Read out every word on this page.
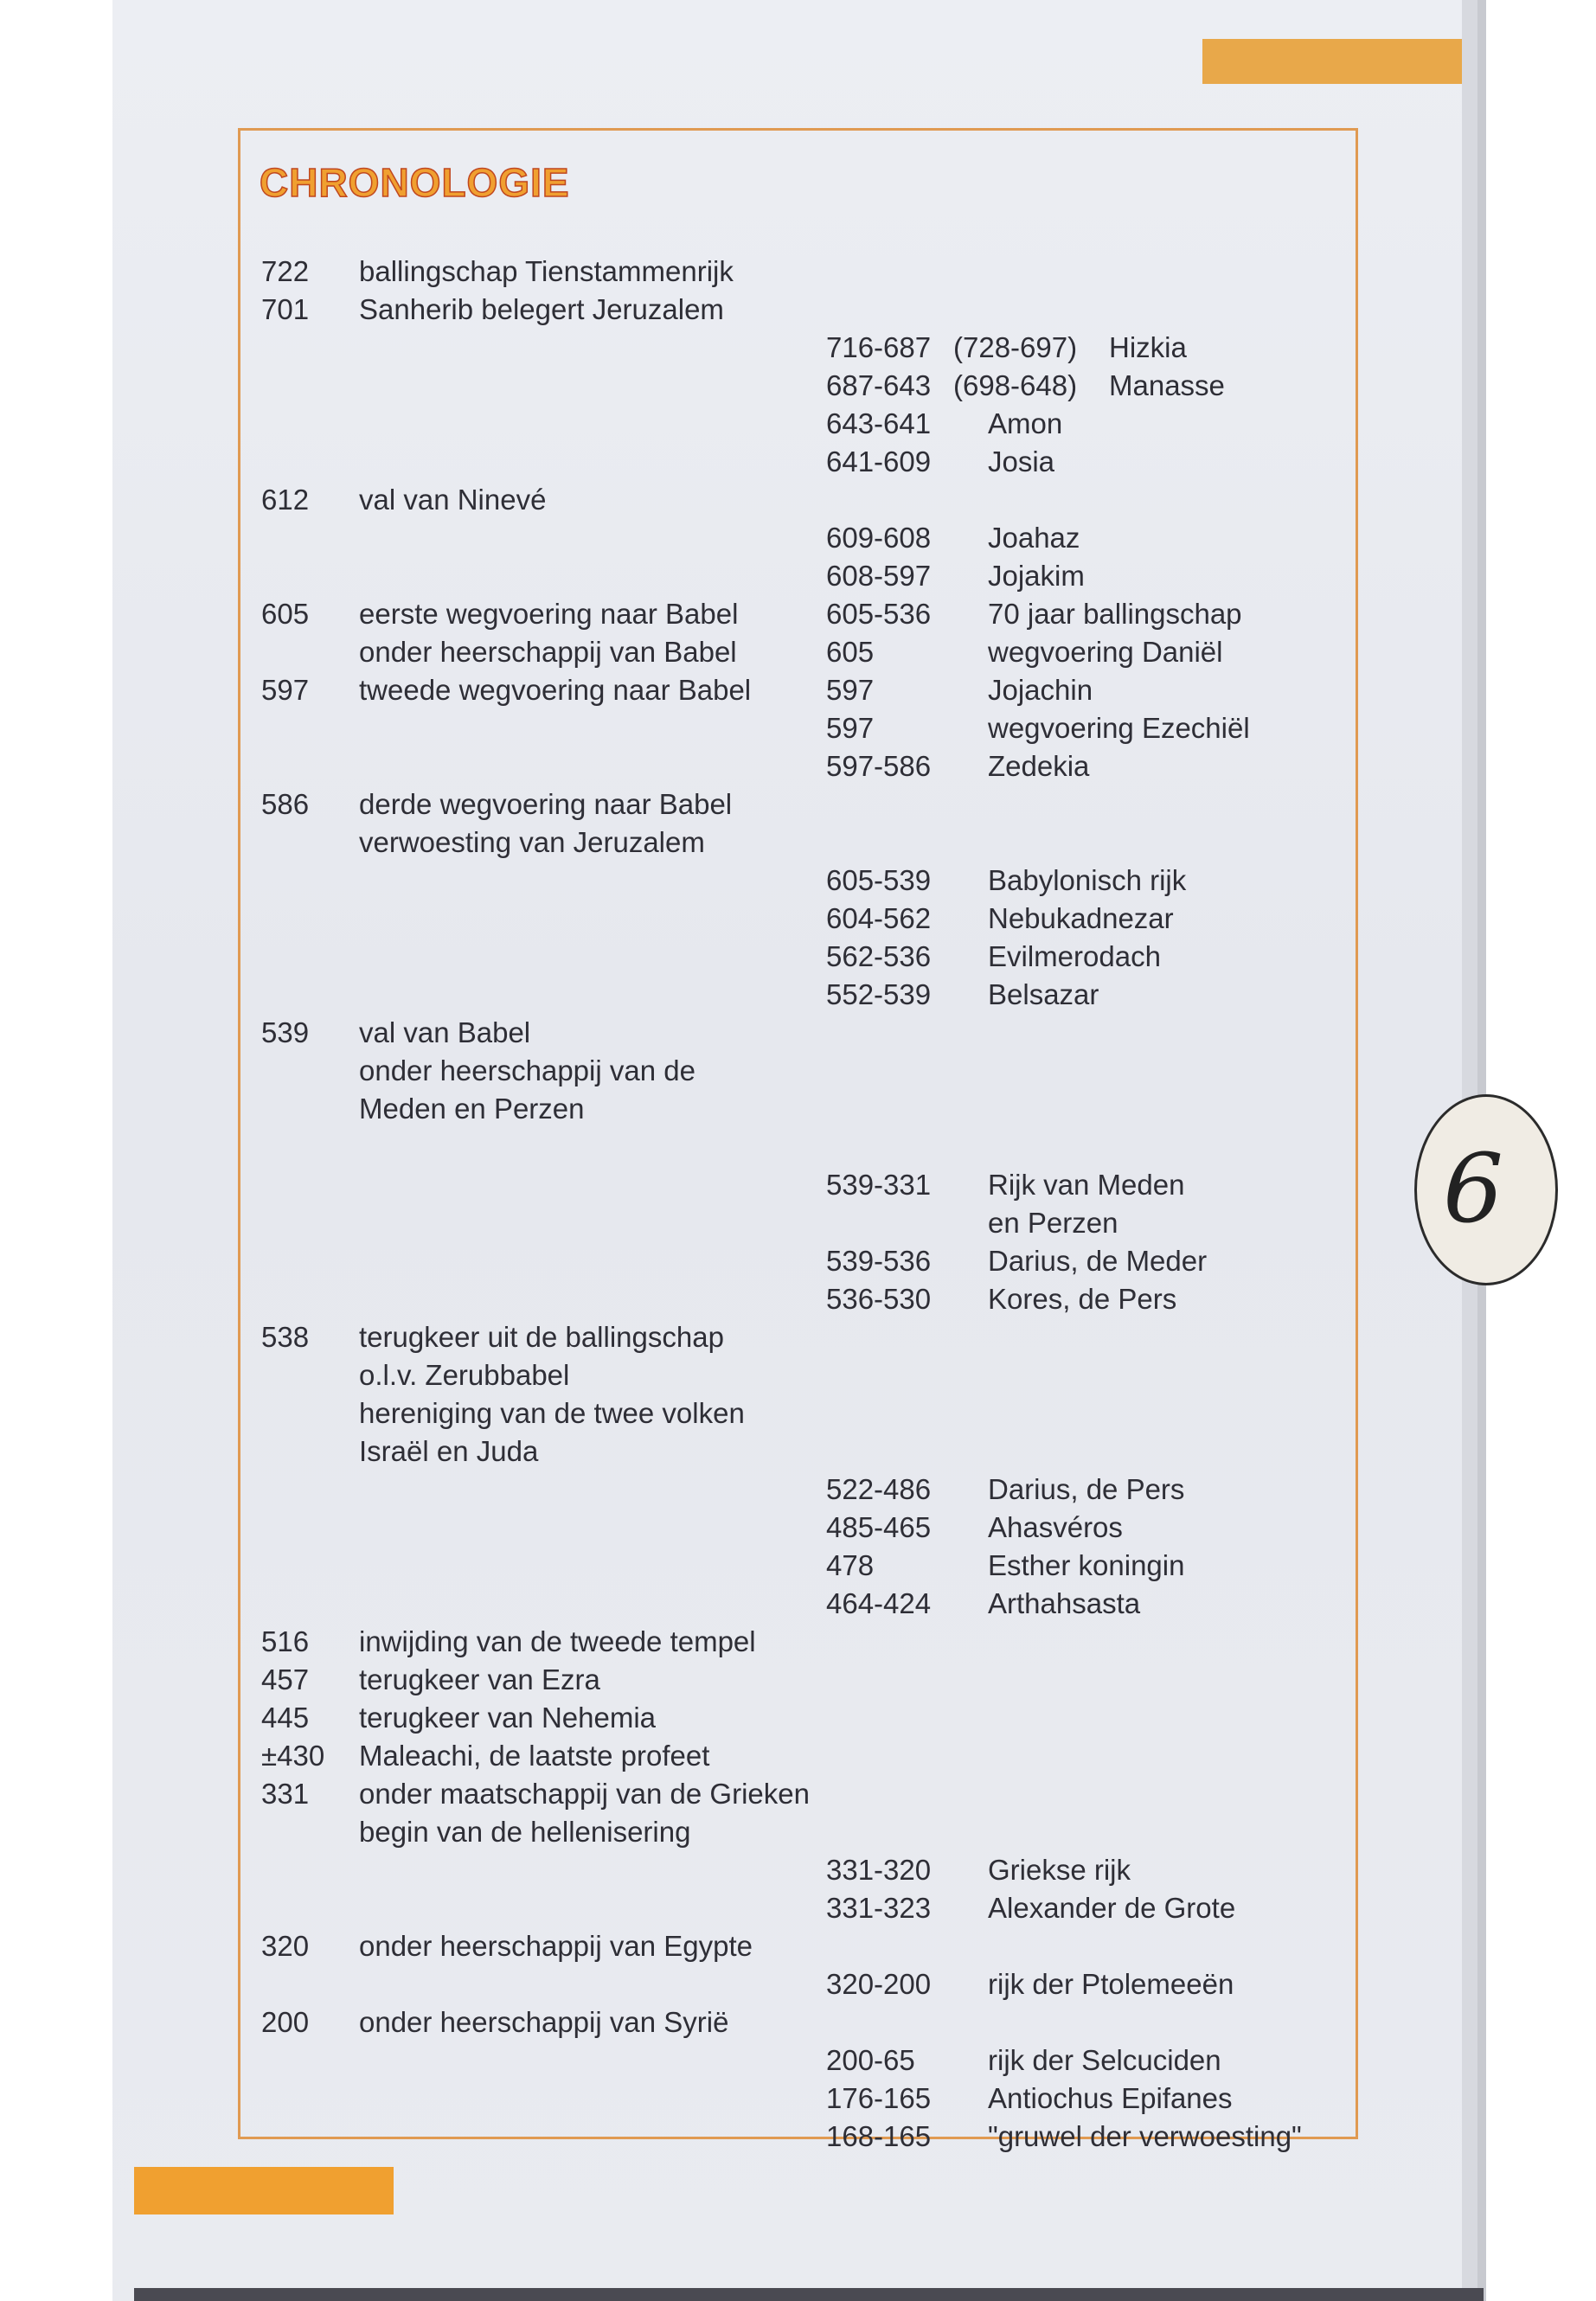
6
CHRONOLOGIE
722 ballingschap Tienstammenrijk
701 Sanherib belegert Jeruzalem
716-687 (728-697) Hizkia
687-643 (698-648) Manasse
643-641 Amon
641-609 Josia
612 val van Ninevé
609-608 Joahaz
608-597 Jojakim
605 eerste wegvoering naar Babel	605-536 70 jaar ballingschap
onder heerschappij van Babel	605	wegvoering Daniël
597 tweede wegvoering naar Babel	597	Jojachin
597	wegvoering Ezechiël
597-586 Zedekia
586 derde wegvoering naar Babel
verwoesting van Jeruzalem
605-539 Babylonisch rijk
604-562 Nebukadnezar
562-536 Evilmerodach
552-539 Belsazar
539 val van Babel
onder heerschappij van de
Meden en Perzen
539-331 Rijk van Meden
en Perzen
539-536 Darius, de Meder
536-530 Kores, de Pers
538 terugkeer uit de ballingschap
o.l.v. Zerubbabel
hereniging van de twee volken
Israël en Juda
522-486 Darius, de Pers
485-465 Ahasvéros
478	Esther koningin
464-424 Arthahsasta
516 inwijding van de tweede tempel
457 terugkeer van Ezra
445 terugkeer van Nehemia
±430 Maleachi, de laatste profeet
331 onder maatschappij van de Grieken
begin van de hellenisering
331-320 Griekse rijk
331-323 Alexander de Grote
320 onder heerschappij van Egypte
320-200 rijk der Ptolemeeën
200 onder heerschappij van Syrië
200-65	rijk der Selcuciden
176-165 Antiochus Epifanes
168-165 "gruwel der verwoesting"
